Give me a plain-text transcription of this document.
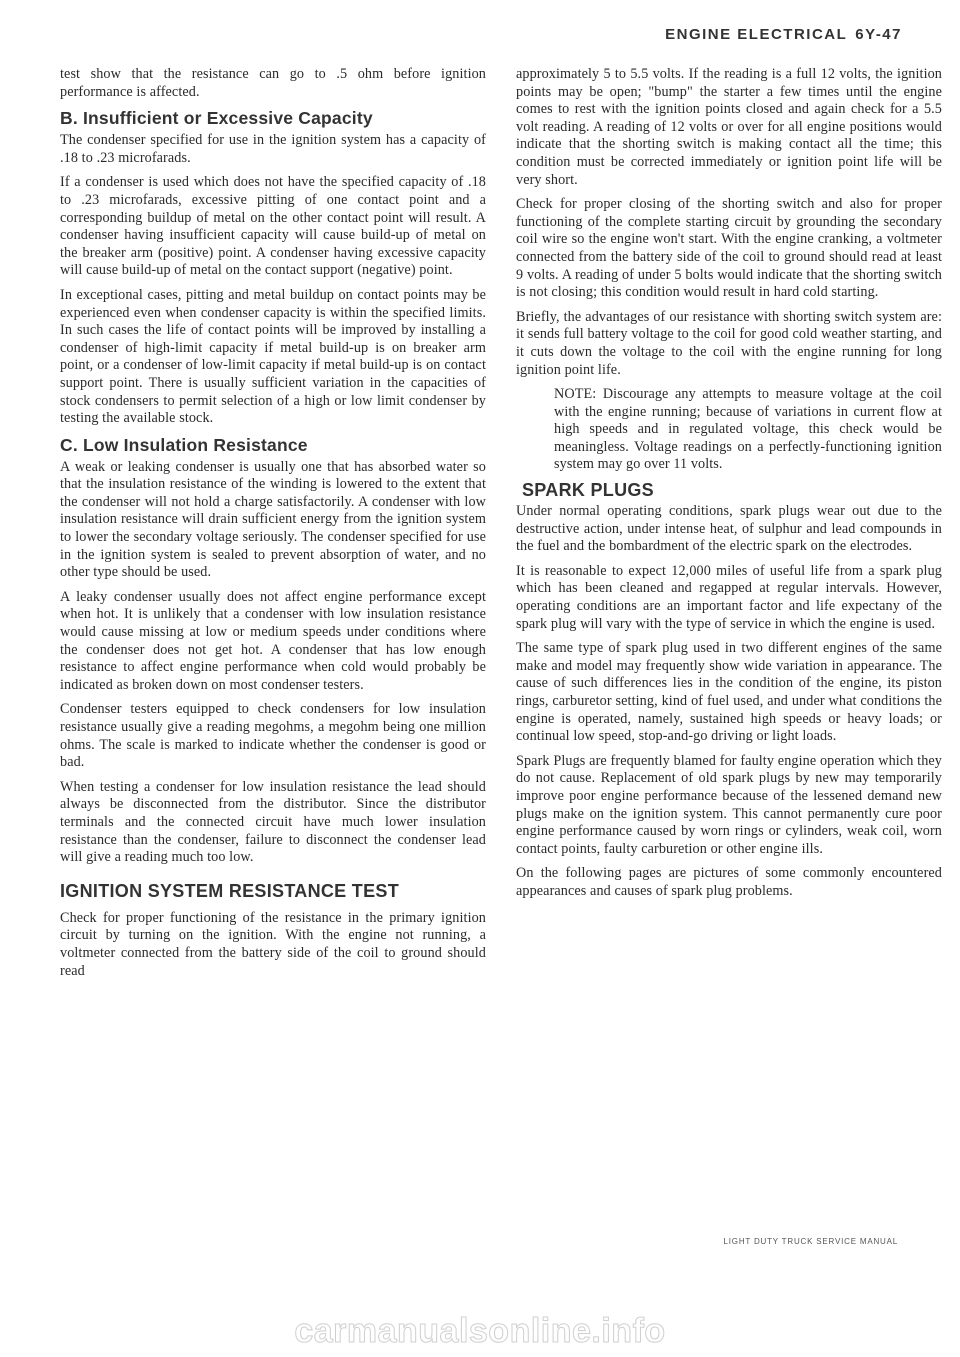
ENGINE ELECTRICAL 6Y-47

test show that the resistance can go to .5 ohm before ignition performance is affected.

B. Insufficient or Excessive Capacity

The condenser specified for use in the ignition system has a capacity of .18 to .23 microfarads.

If a condenser is used which does not have the specified capacity of .18 to .23 microfarads, excessive pitting of one contact point and a corresponding buildup of metal on the other contact point will result. A condenser having insufficient capacity will cause build-up of metal on the breaker arm (positive) point. A condenser having excessive capacity will cause build-up of metal on the contact support (negative) point.

In exceptional cases, pitting and metal buildup on contact points may be experienced even when condenser capacity is within the specified limits. In such cases the life of contact points will be improved by installing a condenser of high-limit capacity if metal build-up is on breaker arm point, or a condenser of low-limit capacity if metal build-up is on contact support point. There is usually sufficient variation in the capacities of stock condensers to permit selection of a high or low limit condenser by testing the available stock.

C. Low Insulation Resistance

A weak or leaking condenser is usually one that has absorbed water so that the insulation resistance of the winding is lowered to the extent that the condenser will not hold a charge satisfactorily. A condenser with low insulation resistance will drain sufficient energy from the ignition system to lower the secondary voltage seriously. The condenser specified for use in the ignition system is sealed to prevent absorption of water, and no other type should be used.

A leaky condenser usually does not affect engine performance except when hot. It is unlikely that a condenser with low insulation resistance would cause missing at low or medium speeds under conditions where the condenser does not get hot. A condenser that has low enough resistance to affect engine performance when cold would probably be indicated as broken down on most condenser testers.

Condenser testers equipped to check condensers for low insulation resistance usually give a reading megohms, a megohm being one million ohms. The scale is marked to indicate whether the condenser is good or bad.

When testing a condenser for low insulation resistance the lead should always be disconnected from the distributor. Since the distributor terminals and the connected circuit have much lower insulation resistance than the condenser, failure to disconnect the condenser lead will give a reading much too low.

IGNITION SYSTEM RESISTANCE TEST

Check for proper functioning of the resistance in the primary ignition circuit by turning on the ignition. With the engine not running, a voltmeter connected from the battery side of the coil to ground should read

approximately 5 to 5.5 volts. If the reading is a full 12 volts, the ignition points may be open; "bump" the starter a few times until the engine comes to rest with the ignition points closed and again check for a 5.5 volt reading. A reading of 12 volts or over for all engine positions would indicate that the shorting switch is making contact all the time; this condition must be corrected immediately or ignition point life will be very short.

Check for proper closing of the shorting switch and also for proper functioning of the complete starting circuit by grounding the secondary coil wire so the engine won't start. With the engine cranking, a voltmeter connected from the battery side of the coil to ground should read at least 9 volts. A reading of under 5 bolts would indicate that the shorting switch is not closing; this condition would result in hard cold starting.

Briefly, the advantages of our resistance with shorting switch system are: it sends full battery voltage to the coil for good cold weather starting, and it cuts down the voltage to the coil with the engine running for long ignition point life.

NOTE: Discourage any attempts to measure voltage at the coil with the engine running; because of variations in current flow at high speeds and in regulated voltage, this check would be meaningless. Voltage readings on a perfectly-functioning ignition system may go over 11 volts.

SPARK PLUGS

Under normal operating conditions, spark plugs wear out due to the destructive action, under intense heat, of sulphur and lead compounds in the fuel and the bombardment of the electric spark on the electrodes.

It is reasonable to expect 12,000 miles of useful life from a spark plug which has been cleaned and regapped at regular intervals. However, operating conditions are an important factor and life expectany of the spark plug will vary with the type of service in which the engine is used.

The same type of spark plug used in two different engines of the same make and model may frequently show wide variation in appearance. The cause of such differences lies in the condition of the engine, its piston rings, carburetor setting, kind of fuel used, and under what conditions the engine is operated, namely, sustained high speeds or heavy loads; or continual low speed, stop-and-go driving or light loads.

Spark Plugs are frequently blamed for faulty engine operation which they do not cause. Replacement of old spark plugs by new may temporarily improve poor engine performance because of the lessened demand new plugs make on the ignition system. This cannot permanently cure poor engine performance caused by worn rings or cylinders, weak coil, worn contact points, faulty carburetion or other engine ills.

On the following pages are pictures of some commonly encountered appearances and causes of spark plug problems.

LIGHT DUTY TRUCK SERVICE MANUAL
carmanualsonline.info
